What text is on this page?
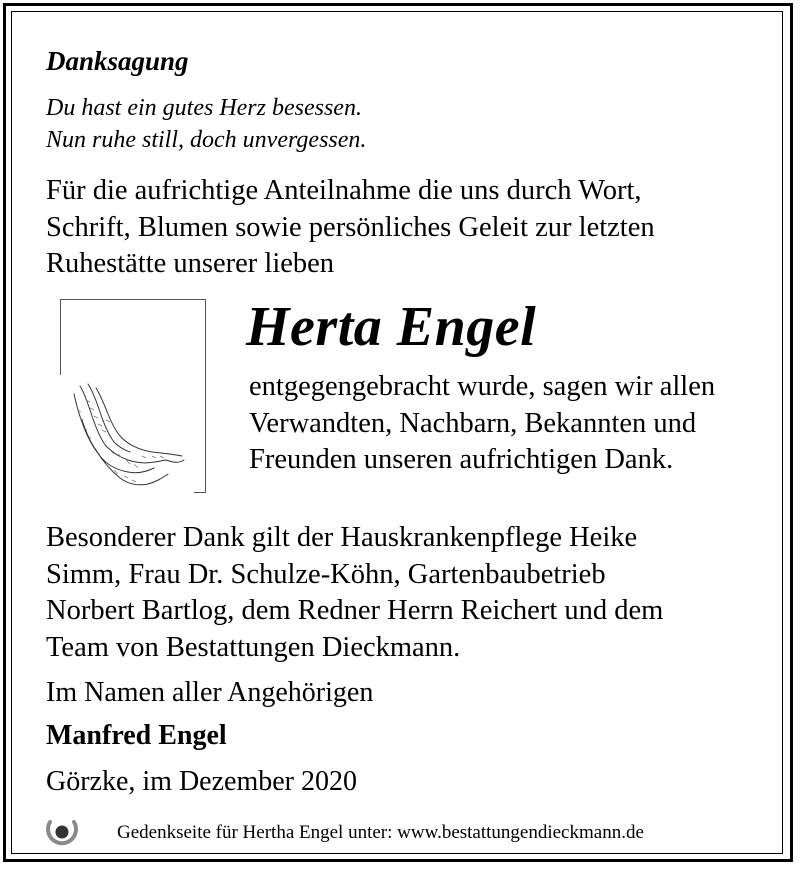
Danksagung
Du hast ein gutes Herz besessen.
Nun ruhe still, doch unvergessen.
Für die aufrichtige Anteilnahme die uns durch Wort,
Schrift, Blumen sowie persönliches Geleit zur letzten
Ruhestätte unserer lieben
Herta Engel
entgegengebracht wurde, sagen wir allen
Verwandten, Nachbarn, Bekannten und
Freunden unseren aufrichtigen Dank.
Besonderer Dank gilt der Hauskrankenpflege Heike
Simm, Frau Dr. Schulze-Köhn, Gartenbaubetrieb
Norbert Bartlog, dem Redner Herrn Reichert und dem
Team von Bestattungen Dieckmann.
Im Namen aller Angehörigen
Manfred Engel
Görzke, im Dezember 2020
Gedenkseite für Hertha Engel unter: www.bestattungendieckmann.de
